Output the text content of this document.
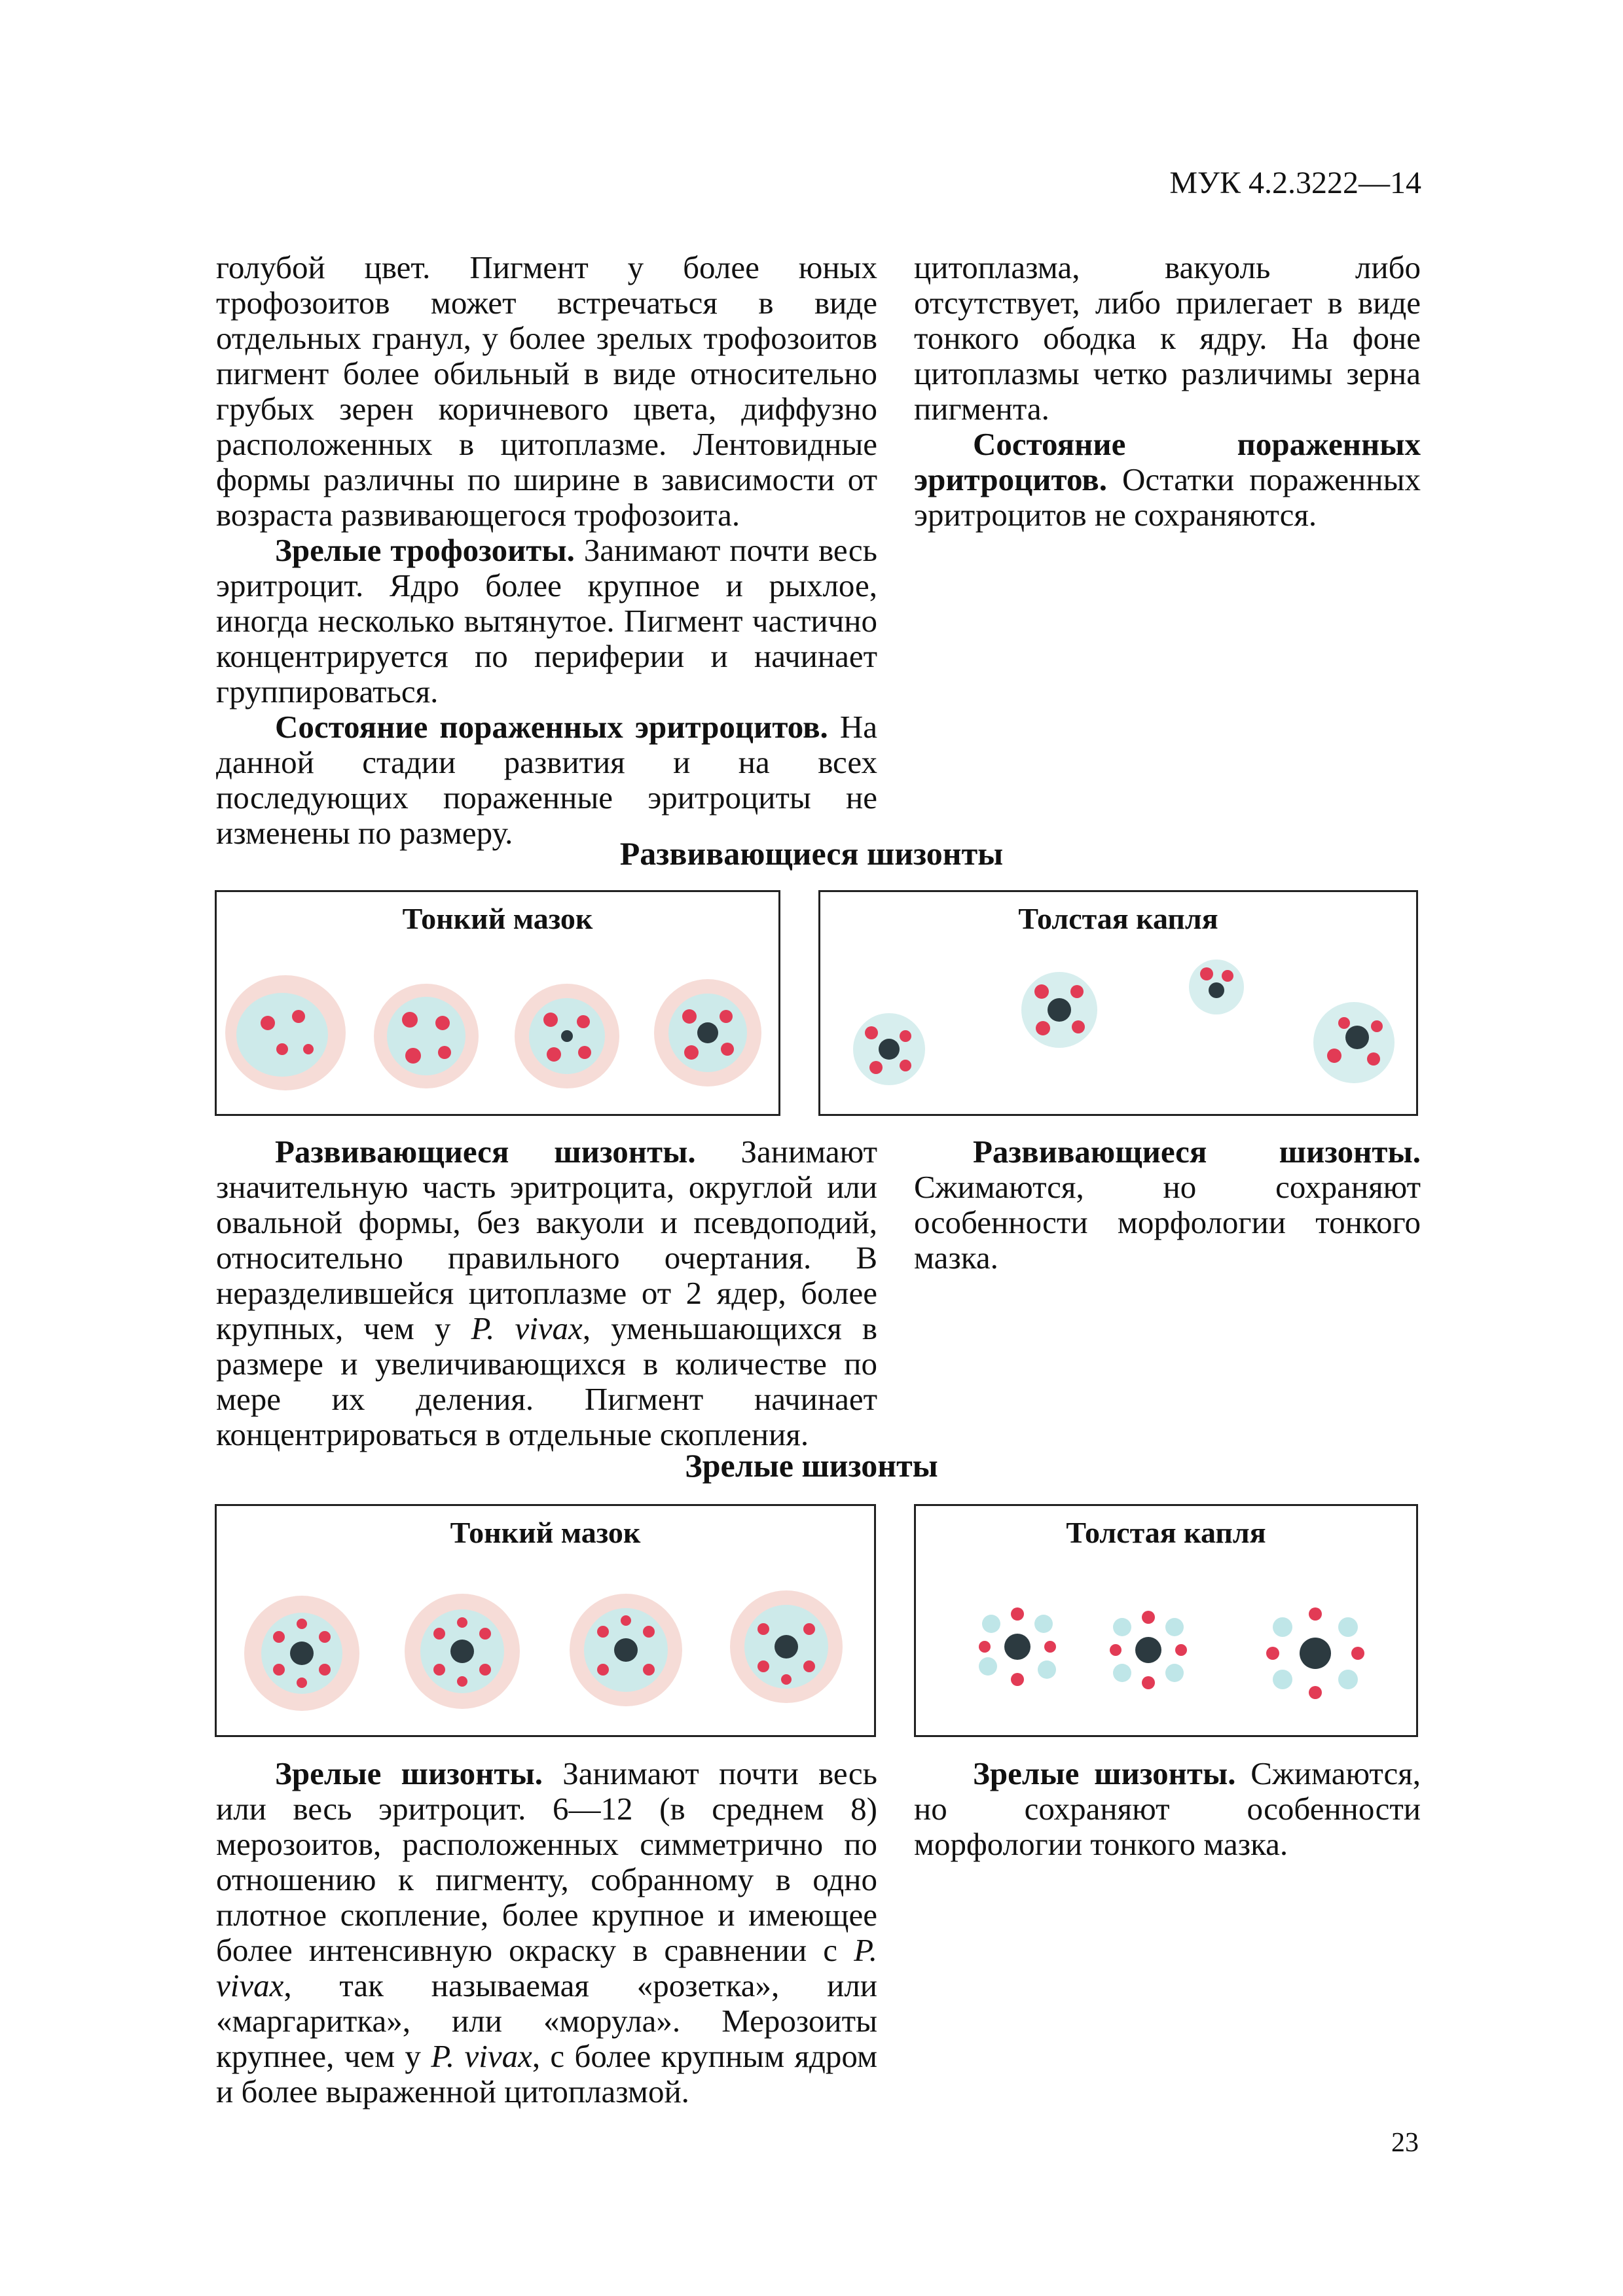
МУК 4.2.3222—14

голубой цвет. Пигмент у более юных трофозоитов может встречаться в виде отдельных гранул, у более зрелых трофозоитов пигмент более обильный в виде относительно грубых зерен коричневого цвета, диффузно расположенных в цитоплазме. Лентовидные формы различны по ширине в зависимости от возраста развивающегося трофозоита.

Зрелые трофозоиты. Занимают почти весь эритроцит. Ядро более крупное и рыхлое, иногда несколько вытянутое. Пигмент частично концентрируется по периферии и начинает группироваться.

Состояние пораженных эритроцитов. На данной стадии развития и на всех последующих пораженные эритроциты не изменены по размеру.

цитоплазма, вакуоль либо отсутствует, либо прилегает в виде тонкого ободка к ядру. На фоне цитоплазмы четко различимы зерна пигмента.

Состояние пораженных эритроцитов. Остатки пораженных эритроцитов не сохраняются.

Развивающиеся шизонты
Тонкий мазок	Толстая капля

Развивающиеся шизонты. Занимают значительную часть эритроцита, округлой или овальной формы, без вакуоли и псевдоподий, относительно правильного очертания. В неразделившейся цитоплазме от 2 ядер, более крупных, чем у P. vivax, уменьшающихся в размере и увеличивающихся в количестве по мере их деления. Пигмент начинает концентрироваться в отдельные скопления.

Развивающиеся шизонты. Сжимаются, но сохраняют особенности морфологии тонкого мазка.

Зрелые шизонты
Тонкий мазок	Толстая капля

Зрелые шизонты. Занимают почти весь или весь эритроцит. 6—12 (в среднем 8) мерозоитов, расположенных симметрично по отношению к пигменту, собранному в одно плотное скопление, более крупное и имеющее более интенсивную окраску в сравнении с P. vivax, так называемая «розетка», или «маргаритка», или «морула». Мерозоиты крупнее, чем у P. vivax, с более крупным ядром и более выраженной цитоплазмой.

Зрелые шизонты. Сжимаются, но сохраняют особенности морфологии тонкого мазка.

23
